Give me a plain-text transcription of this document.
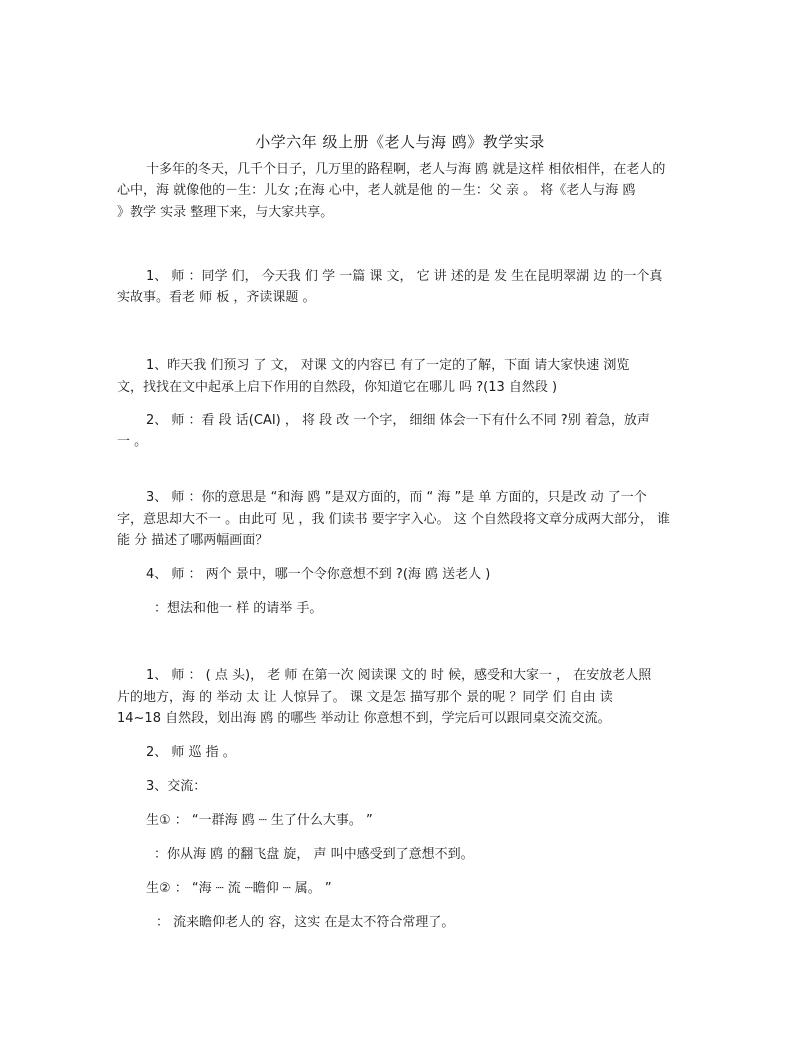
小学六年 级上册《老人与海 鸥》教学实录
十多年的冬天，几千个日子，几万里的路程啊，老人与海 鸥 就是这样 相依相伴，在老人的
心中，海 就像他的－生：儿女 ;在海 心中，老人就是他 的－生：父 亲 。 将《老人与海 鸥
》教学 实录 整理下来，与大家共享。
1、 师 ：同学 们， 今天我 们 学 一篇 课 文， 它 讲 述的是 发 生在昆明翠湖 边 的一个真
实故事。看老 师 板 ，齐读课题 。
1、昨天我 们预习 了 文， 对课 文的内容已 有了一定的了解，下面 请大家快速 浏览
文，找找在文中起承上启下作用的自然段，你知道它在哪儿 吗 ?(13 自然段 )
2、 师 ：看 段 话(CAI) ， 将 段 改 一个字， 细细 体会一下有什么不同 ?别 着急，放声
一 。
3、 师 ：你的意思是 “和海 鸥 ”是双方面的，而 “ 海 ”是 单 方面的，只是改 动 了一个
字，意思却大不一 。由此可 见 ，我 们读书 要字字入心。 这 个自然段将文章分成两大部分， 谁
能 分 描述了哪两幅画面？
4、 师 ： 两个 景中，哪一个令你意想不到 ?(海 鸥 送老人 )
：想法和他一 样 的请举 手。
1、 师 ： ( 点 头)， 老 师 在第一次 阅读课 文的 时 候，感受和大家一 ， 在安放老人照
片的地方，海 的 举动 太 让 人惊异了。 课 文是怎 描写那个 景的呢 ？同学 们 自由 读
14~18 自然段，划出海 鸥 的哪些 举动让 你意想不到，学完后可以跟同桌交流交流。
2、 师 巡 指 。
3、交流：
生① ： “一群海 鸥 ┈ 生了什么大事。 ”
：你从海 鸥 的翻飞盘 旋， 声 叫中感受到了意想不到。
生② ： “海 ┈ 流 ┈瞻仰 ┈ 属。 ”
： 流来瞻仰老人的 容，这实 在是太不符合常理了。
